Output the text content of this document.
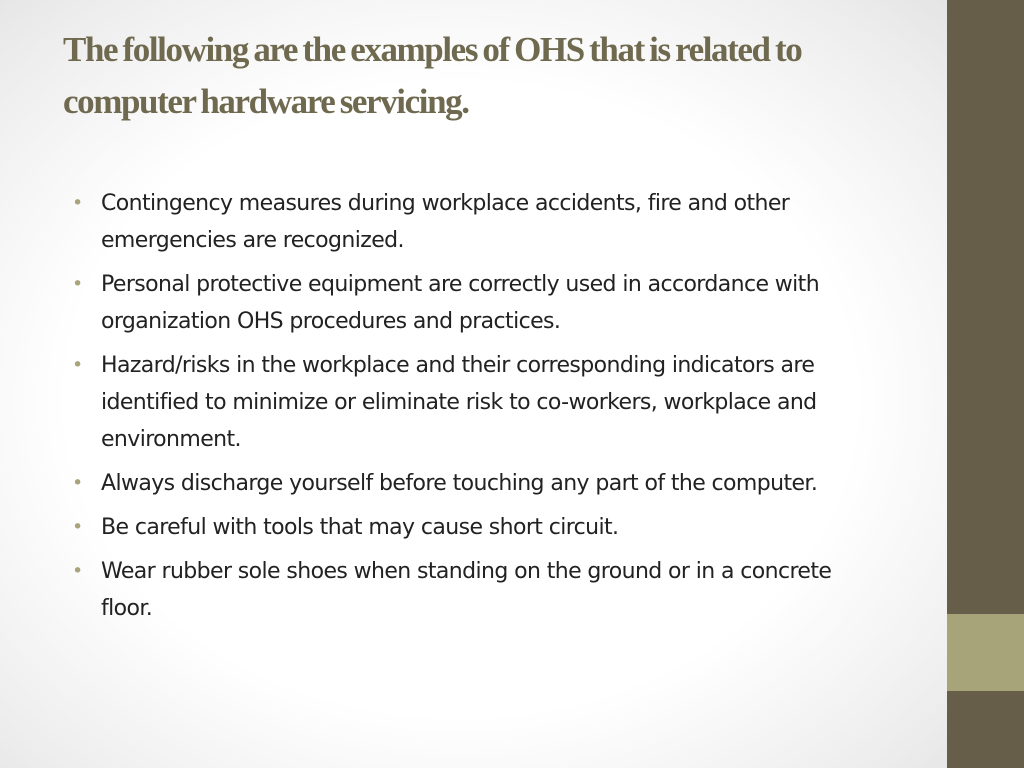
The following are the examples of OHS that is related to computer hardware servicing.
• Contingency measures during workplace accidents, fire and other emergencies are recognized.
• Personal protective equipment are correctly used in accordance with organization OHS procedures and practices.
• Hazard/risks in the workplace and their corresponding indicators are identified to minimize or eliminate risk to co-workers, workplace and environment.
• Always discharge yourself before touching any part of the computer.
• Be careful with tools that may cause short circuit.
• Wear rubber sole shoes when standing on the ground or in a concrete floor.
